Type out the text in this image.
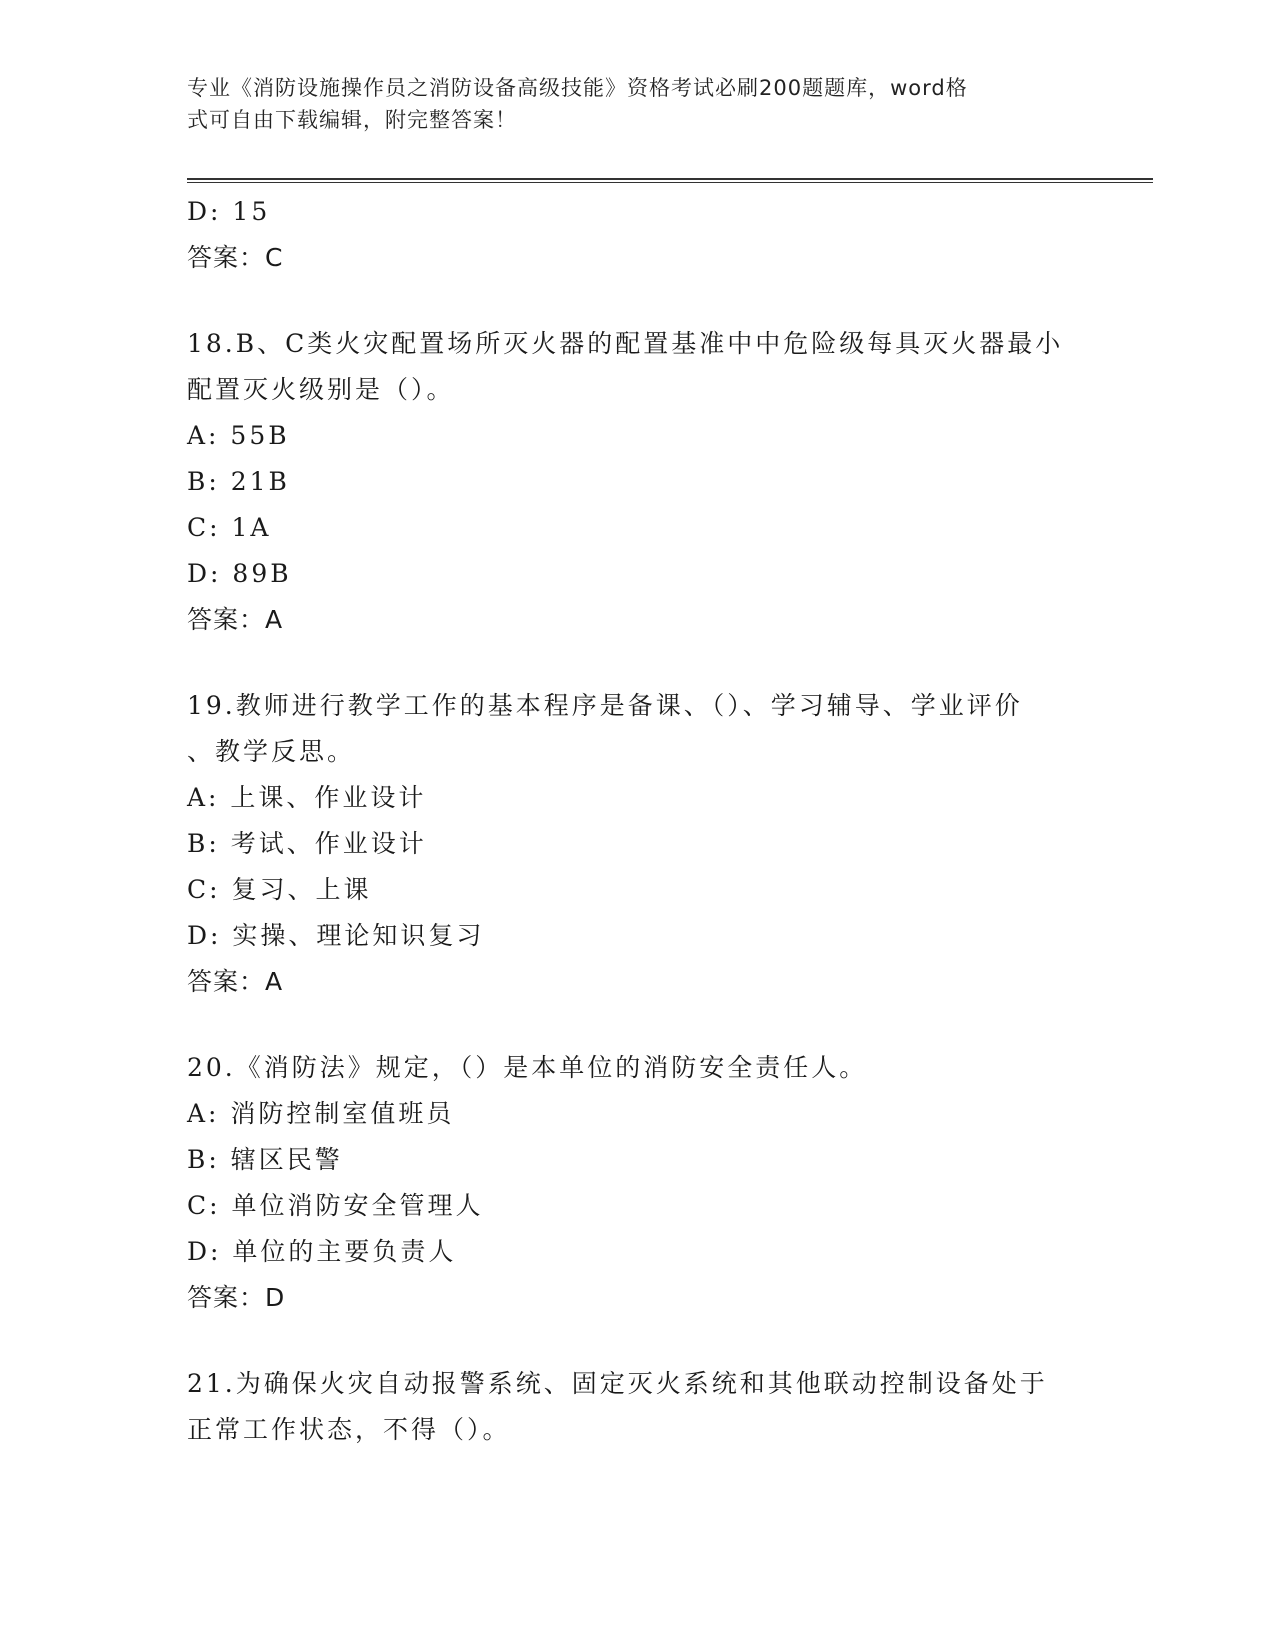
专业《消防设施操作员之消防设备高级技能》资格考试必刷200题题库，word格
式可自由下载编辑，附完整答案！
D: 15
答案：C
18.B、C类火灾配置场所灭火器的配置基准中中危险级每具灭火器最小
配置灭火级别是（）。
A: 55B
B: 21B
C: 1A
D: 89B
答案：A
19.教师进行教学工作的基本程序是备课、（）、学习辅导、学业评价
、教学反思。
A: 上课、作业设计
B: 考试、作业设计
C: 复习、上课
D: 实操、理论知识复习
答案：A
20.《消防法》规定，（）是本单位的消防安全责任人。
A: 消防控制室值班员
B: 辖区民警
C: 单位消防安全管理人
D: 单位的主要负责人
答案：D
21.为确保火灾自动报警系统、固定灭火系统和其他联动控制设备处于
正常工作状态，不得（）。
